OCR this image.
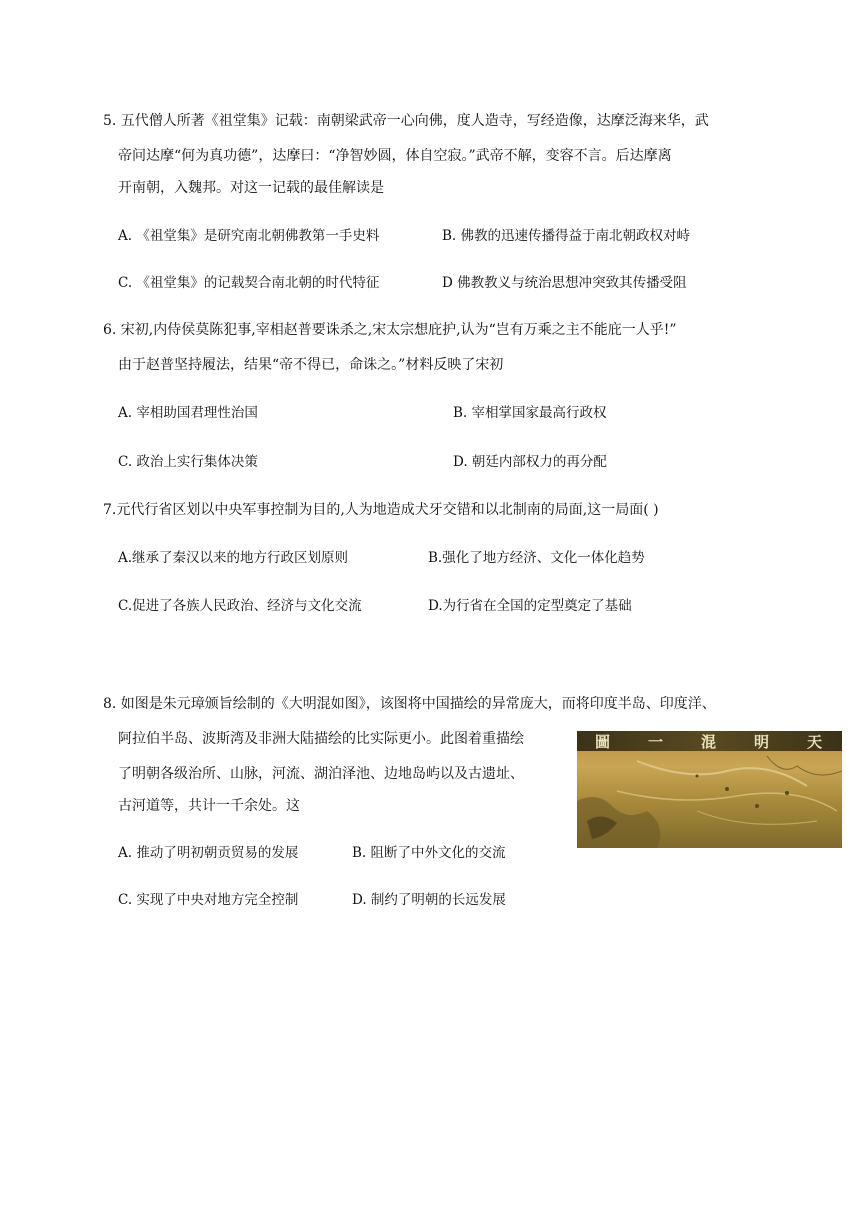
5. 五代僧人所著《祖堂集》记载：南朝梁武帝一心向佛，度人造寺，写经造像，达摩泛海来华，武
帝问达摩“何为真功德”，达摩曰：“净智妙圆，体自空寂。”武帝不解，变容不言。后达摩离
开南朝，入魏邦。对这一记载的最佳解读是
A. 《祖堂集》是研究南北朝佛教第一手史料	B. 佛教的迅速传播得益于南北朝政权对峙
C. 《祖堂集》的记载契合南北朝的时代特征	D 佛教教义与统治思想冲突致其传播受阻
6. 宋初,内侍侯莫陈犯事,宰相赵普要诛杀之,宋太宗想庇护,认为“岂有万乘之主不能庇一人乎!”
由于赵普坚持履法，结果“帝不得已，命诛之。”材料反映了宋初
A. 宰相助国君理性治国	B. 宰相掌国家最高行政权
C. 政治上实行集体决策	D. 朝廷内部权力的再分配
7.元代行省区划以中央军事控制为目的,人为地造成犬牙交错和以北制南的局面,这一局面( )
A.继承了秦汉以来的地方行政区划原则	B.强化了地方经济、文化一体化趋势
C.促进了各族人民政治、经济与文化交流	D.为行省在全国的定型奠定了基础
8. 如图是朱元璋颁旨绘制的《大明混如图》，该图将中国描绘的异常庞大，而将印度半岛、印度洋、
阿拉伯半岛、波斯湾及非洲大陆描绘的比实际更小。此图着重描绘
了明朝各级治所、山脉，河流、湖泊泽池、边地岛屿以及古遗址、
古河道等，共计一千余处。这
圖 一 混 明 天
A. 推动了明初朝贡贸易的发展	B. 阻断了中外文化的交流
C. 实现了中央对地方完全控制	D. 制约了明朝的长远发展
